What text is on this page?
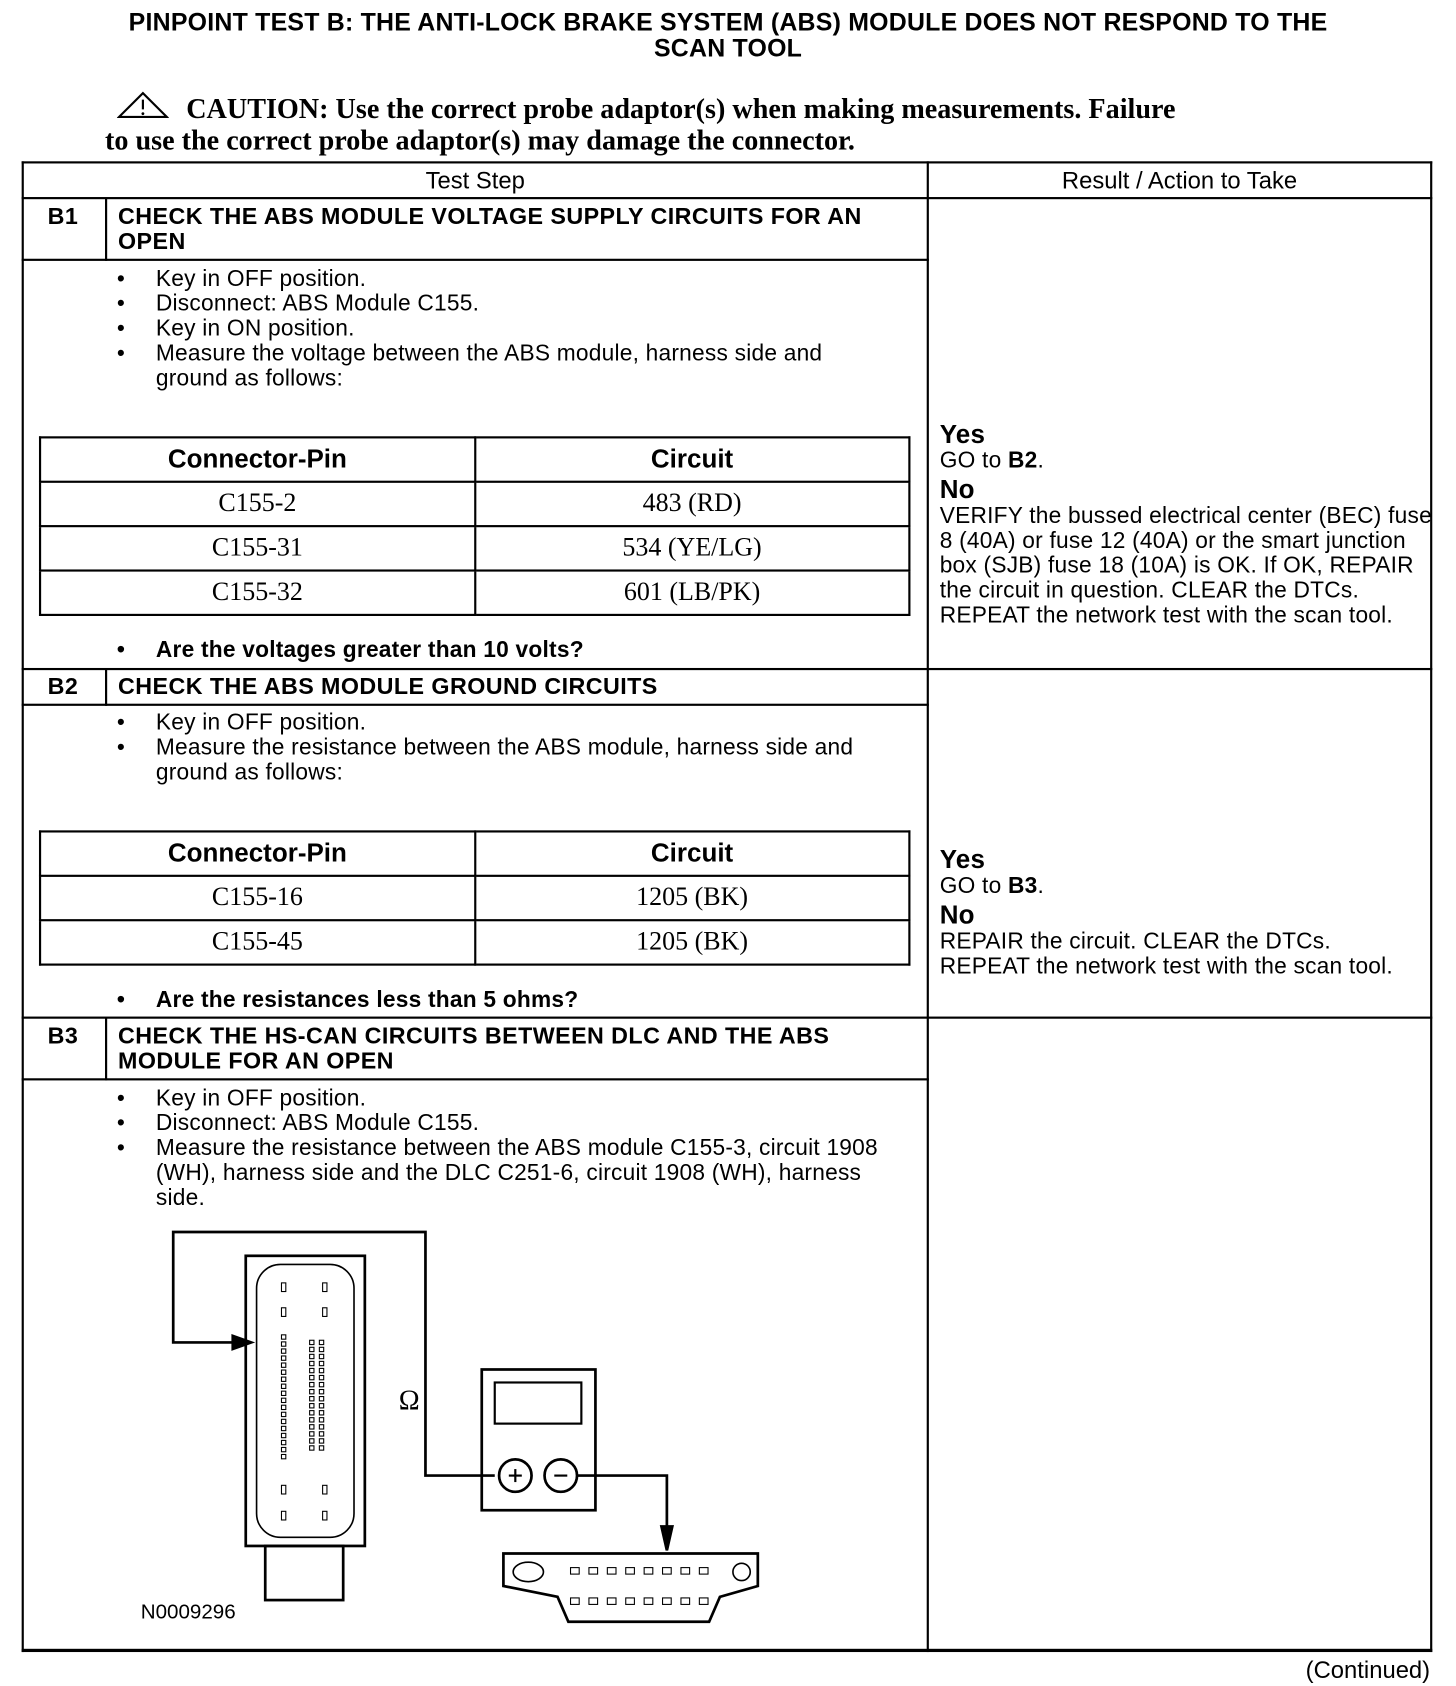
PINPOINT TEST B: THE ANTI-LOCK BRAKE SYSTEM (ABS) MODULE DOES NOT RESPOND TO THE
SCAN TOOL
CAUTION: Use the correct probe adaptor(s) when making measurements. Failure
to use the correct probe adaptor(s) may damage the connector.
Test Step	Result / Action to Take
B1 CHECK THE ABS MODULE VOLTAGE SUPPLY CIRCUITS FOR AN OPEN
• Key in OFF position.
• Disconnect: ABS Module C155.
• Key in ON position.
• Measure the voltage between the ABS module, harness side and ground as follows:
Connector-Pin	Circuit
C155-2	483 (RD)
C155-31	534 (YE/LG)
C155-32	601 (LB/PK)
• Are the voltages greater than 10 volts?
Yes
GO to B2.

No
VERIFY the bussed electrical center (BEC) fuse 8 (40A) or fuse 12 (40A) or the smart junction box (SJB) fuse 18 (10A) is OK. If OK, REPAIR the circuit in question. CLEAR the DTCs. REPEAT the network test with the scan tool.
B2 CHECK THE ABS MODULE GROUND CIRCUITS
• Key in OFF position.
• Measure the resistance between the ABS module, harness side and ground as follows:
Connector-Pin	Circuit
C155-16	1205 (BK)
C155-45	1205 (BK)
• Are the resistances less than 5 ohms?
Yes
GO to B3.

No
REPAIR the circuit. CLEAR the DTCs. REPEAT the network test with the scan tool.
B3 CHECK THE HS-CAN CIRCUITS BETWEEN DLC AND THE ABS MODULE FOR AN OPEN
• Key in OFF position.
• Disconnect: ABS Module C155.
• Measure the resistance between the ABS module C155-3, circuit 1908 (WH), harness side and the DLC C251-6, circuit 1908 (WH), harness side.
Ω
N0009296
(Continued)
